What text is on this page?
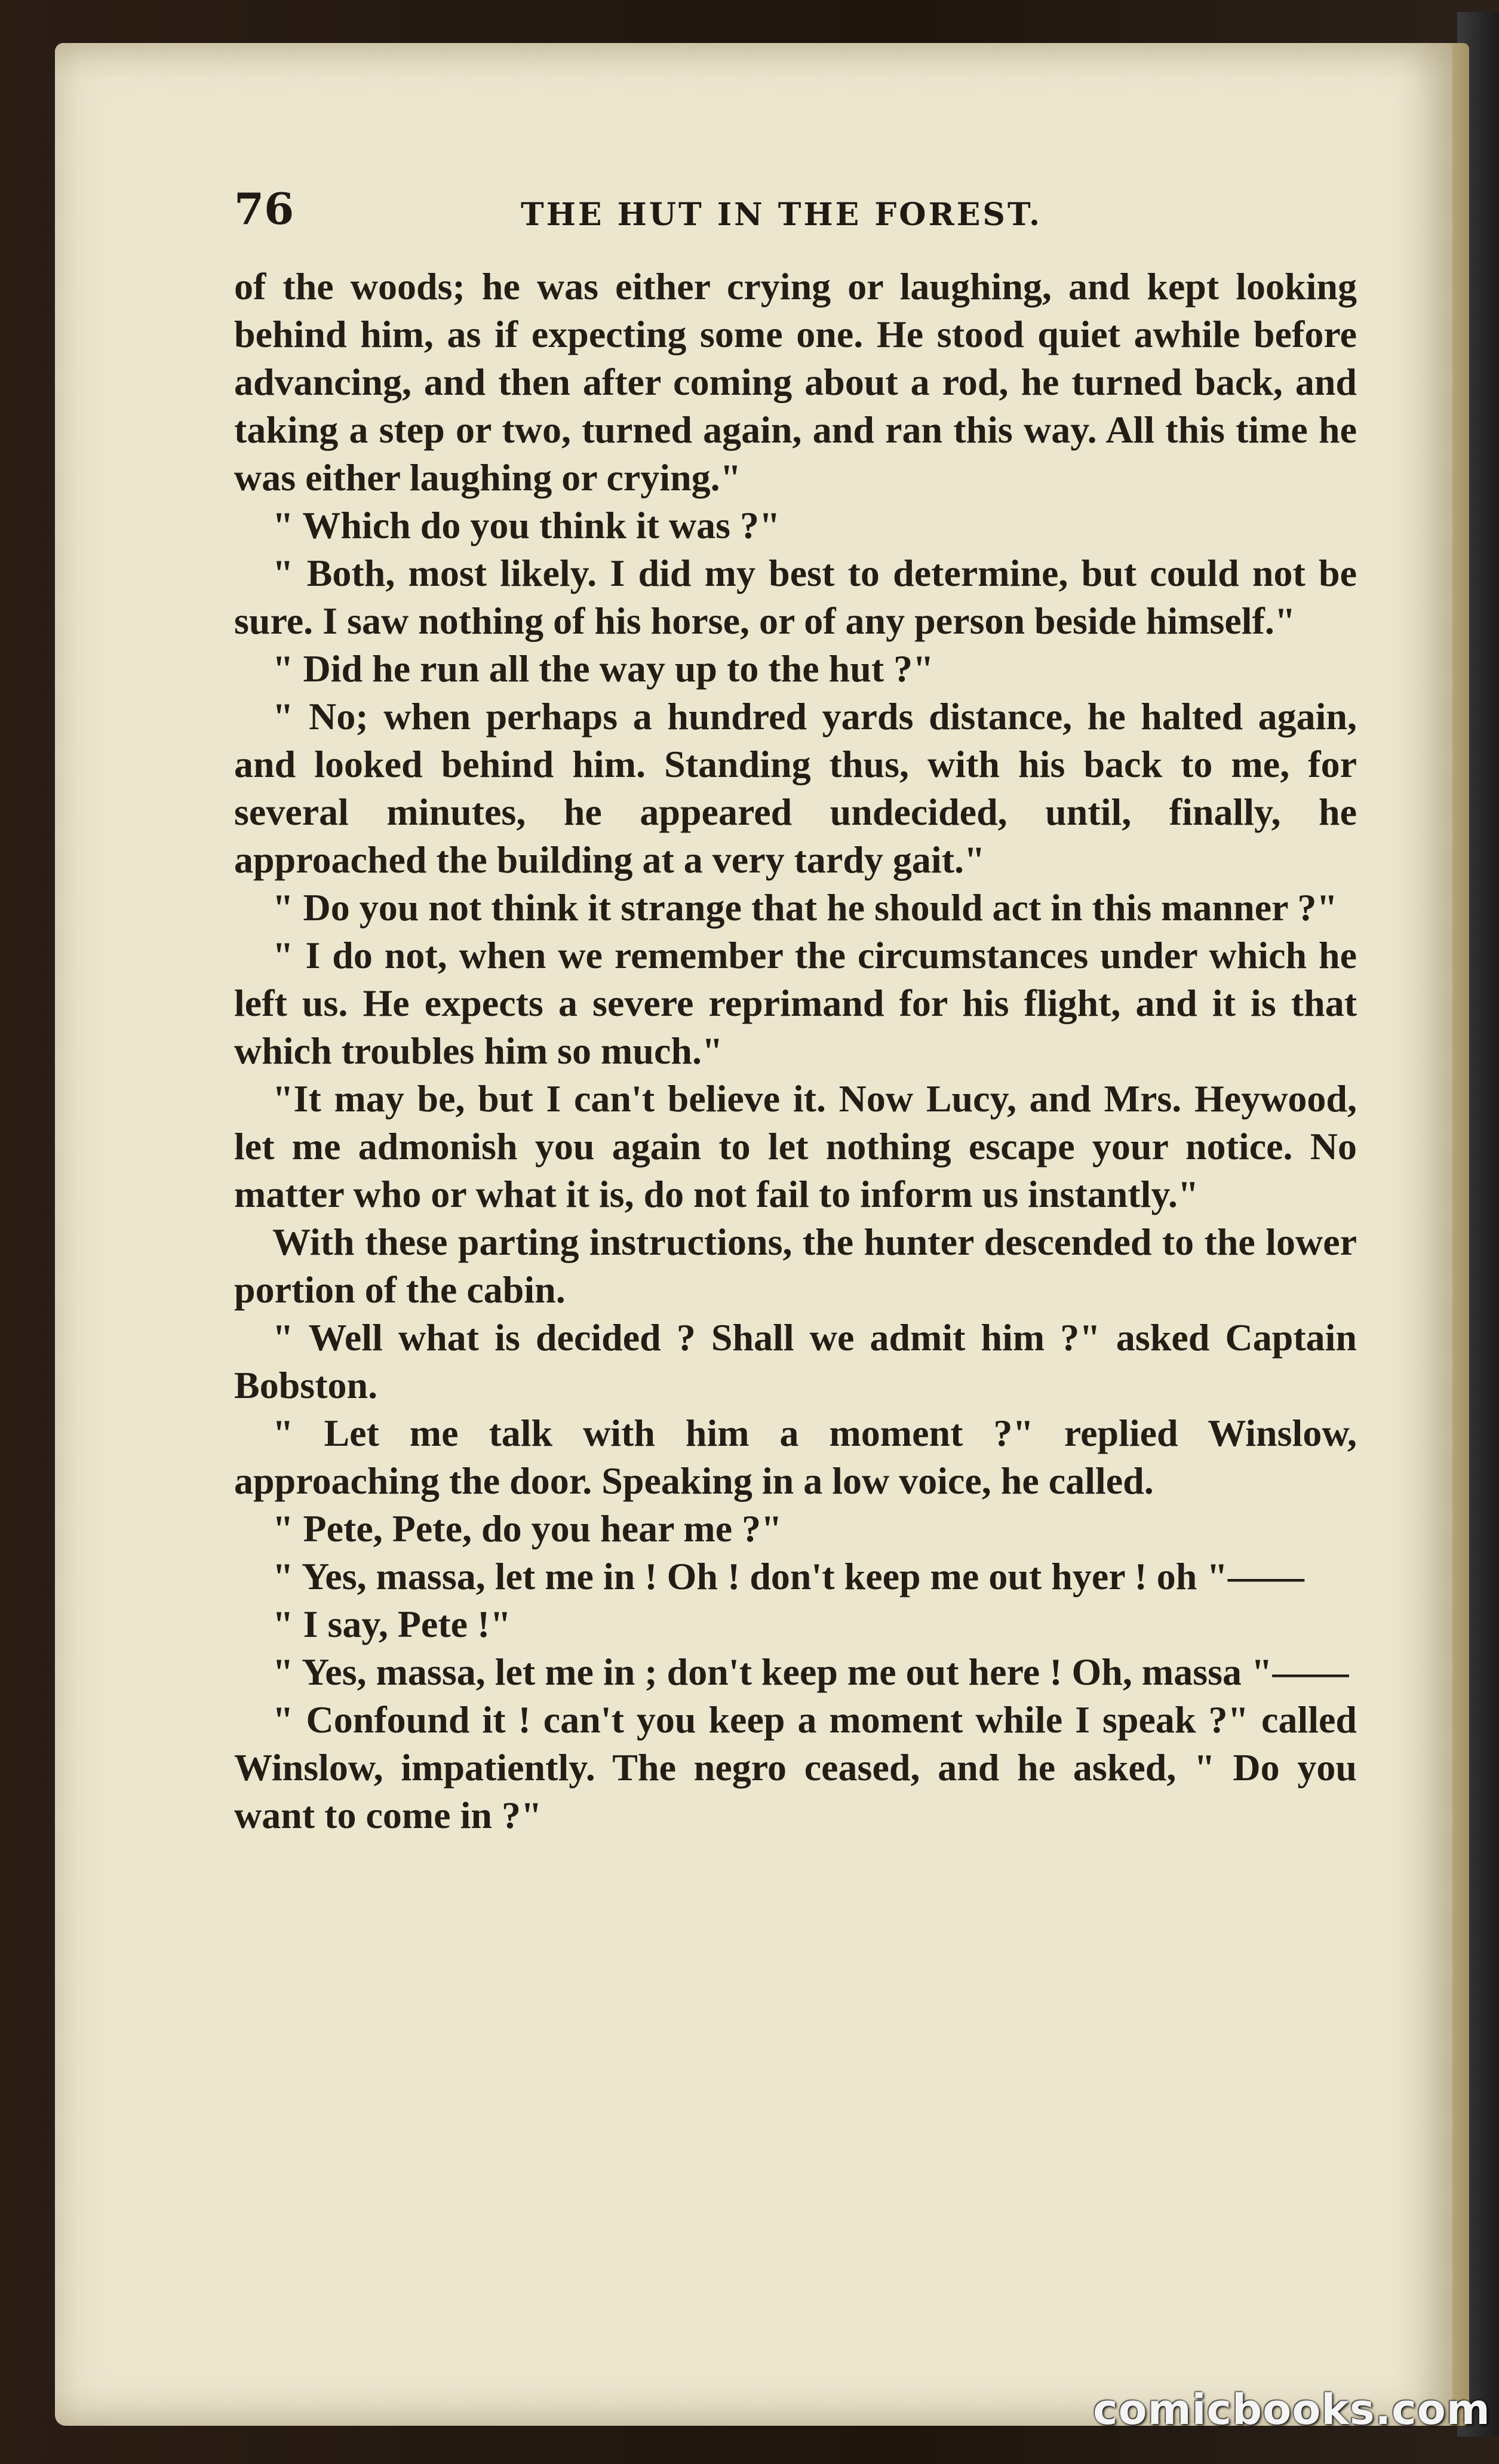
76	THE HUT IN THE FOREST.

of the woods; he was either crying or laughing, and kept looking behind him, as if expecting some one. He stood quiet awhile before advancing, and then after coming about a rod, he turned back, and taking a step or two, turned again, and ran this way. All this time he was either laughing or crying."

" Which do you think it was ?"

" Both, most likely. I did my best to determine, but could not be sure. I saw nothing of his horse, or of any person beside himself."

" Did he run all the way up to the hut ?"

" No; when perhaps a hundred yards distance, he halted again, and looked behind him. Standing thus, with his back to me, for several minutes, he appeared undecided, until, finally, he approached the building at a very tardy gait."

" Do you not think it strange that he should act in this manner ?"

" I do not, when we remember the circumstances under which he left us. He expects a severe reprimand for his flight, and it is that which troubles him so much."

"It may be, but I can't believe it. Now Lucy, and Mrs. Heywood, let me admonish you again to let nothing escape your notice. No matter who or what it is, do not fail to inform us instantly."

With these parting instructions, the hunter descended to the lower portion of the cabin.

" Well what is decided ? Shall we admit him ?" asked Captain Bobston.

" Let me talk with him a moment ?" replied Winslow, approaching the door. Speaking in a low voice, he called.

" Pete, Pete, do you hear me ?"

" Yes, massa, let me in ! Oh ! don't keep me out hyer ! oh "——

" I say, Pete !"

" Yes, massa, let me in ; don't keep me out here ! Oh, massa "——

" Confound it ! can't you keep a moment while I speak ?" called Winslow, impatiently. The negro ceased, and he asked, " Do you want to come in ?"

comicbooks.com
